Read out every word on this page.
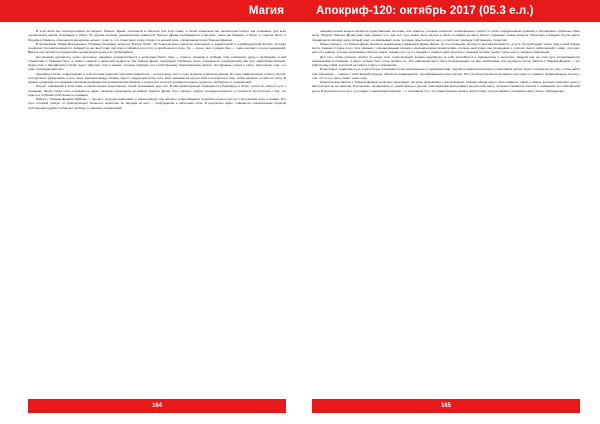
Магия

В этой книге мы сосредоточимся на модели Тёмного Древа, описанной в обычной для этой главы, в своей концепции мы рассмотрим Клипот как основание для всех человеческих миров, Люцифера и Лилит. По другим теориям, демонические правители Тёмного Древа изображаются в фигурах, таких как Самаэль и Лилит, и сторона Лилит и Люцифер-Самаэль отмечаются как единое начало, и как то, что существует в двух лицах и в единой силе, управляющих всем Тёмным Древом.

В философии Храма Восходящего Пламени Люцифер является братом Лилит. Их божественное единство воплощено в андрогинной и гермафродитной фигуре, которая соединяет противоположности. Каждый из них выступает как ключ к тайнам этого пути, в своей мощи и силе. Он — огонь, свет и разум, Она — тьма, инстинкт и сила сновидений. Вместе они являются создателями человеческой души и её пробуждения.

Его женская духовность через некоторые традиции отождествляется с аспектами Лилит. Она — страсть, желание и свобода. Она соблазняет душу и пробуждает в ней стремление к Тёмному Пути, а также к тёмной и запретной мудрости. Так Тёмное Древо, пробуждая глубинные силы, открывается посвящённому как путь самообожествления. Через союз с Люцифером и Лилит адепт обретает силу и знание, которые приводят его к собственному божественному началу. Это древнее учение о свете, скрытом во тьме, и о тьме, порождающей свет.

Люцифер и Лилит олицетворяют в этой системе единство противоположностей — огонь и воду, свет и тьму, мужское и женское начала. Их союз символизирует полноту бытия, в которой нет разделения, а есть лишь гармония между силами. Адепт, следующий этому пути, ищет равновесие внутри себя и стремится к тому, чтобы раскрыть в себе эти силы. В разных традициях это называют великим деланием или алхимическим браком, в результате которого рождается новое существо, свободное от ограничений.

Ритуал, описанный в этой главе, в своей основе представляет собой призывание двух сил. В нём практикующий обращается к Люциферу и Лилит, прося их открыть путь к познанию. Затем, когда силы откликаются, адепт начинает медитацию на символ Тёмного Древа. Этот процесс требует сосредоточенности и готовности встретиться с тем, что скрыто в глубинах собственного сознания.

Работа с Тёмным Древом Каббалы — процесс, который охватывает и реинтегрирует все аспекты существования, позволяя открыть доступ к источникам силы и знания. Это путь, который требует от практикующего большого мужества, но награда за него — пробуждение и обретение силы. В результате адепт становится сознательным творцом собственной судьбы и обретает свободу от внешних ограничений.

164
Апокриф-120: октябрь 2017 (05.3 е.л.)

инициатической модели является представление системы, или «Карты», которая позволяет посвящённому пройти по чётко определённым уровням к постижению глубинных сфер силы. Модели Тёмного Древа дают нам пример того, как этот путь может быть изучен и понят, а каждая из сфер Клипот открывает новые аспекты. Поскольку в каждом случае адепт продвигается вперёд через личный опыт, он раскрывает силы, которые скрыты внутри него, и постигает природу собственного существа.

Можно сказать, что Тёмное Древо является зеркальным отражением Древа Жизни, но это отражение не просто противоположность, а путь, который ведёт через тьму к иной форме света. Каждая ступень этого пути связана с определёнными силами и демоническими правителями, которые выступают как проводники и учителя. Адепт, работающий с ними, получает доступ к знанию, которое невозможно обрести иначе. Однако этот путь сопряжён с опасностями: встреча с тёмными силами требует силы воли и твёрдого намерения.

Для того чтобы успешно пройти по этому пути, практикующий должен выработать в себе способность к самоанализу и контролю. Каждый шаг на этом пути сопровождается изменениями в сознании, и адепт должен быть готов принять их. Эти изменения могут быть болезненными, но они необходимы для духовного роста. Работа с Тёмным Древом — это работа над собой, в которой нет места страху и сомнениям.

В некоторых традициях путь через Клипот описывается как нисхождение в подземный мир, подобное мифологическим путешествиям героев. Адепт спускается во тьму, чтобы найти там сокровище — знание о собственной природе. Затем он возвращается, преображённый этим опытом. Этот мотив встречается во многих культурах и отражает универсальную истину о том, что путь к свету лежит через тьму.

Практическая работа с Тёмным Древом включает медитации, ритуалы призывания и визуализации. Каждая сфера имеет свои символы, цвета и имена, которые помогают адепту настроиться на её энергию. Постепенно, продвигаясь от одной сферы к другой, практикующий выстраивает внутри себя карту, которая становится ключом к пониманию его собственной души. В конечном итоге этот путь ведёт к самообожествлению — к осознанию того, что божественное начало присутствует внутри каждого человека и ждёт своего пробуждения.

165
